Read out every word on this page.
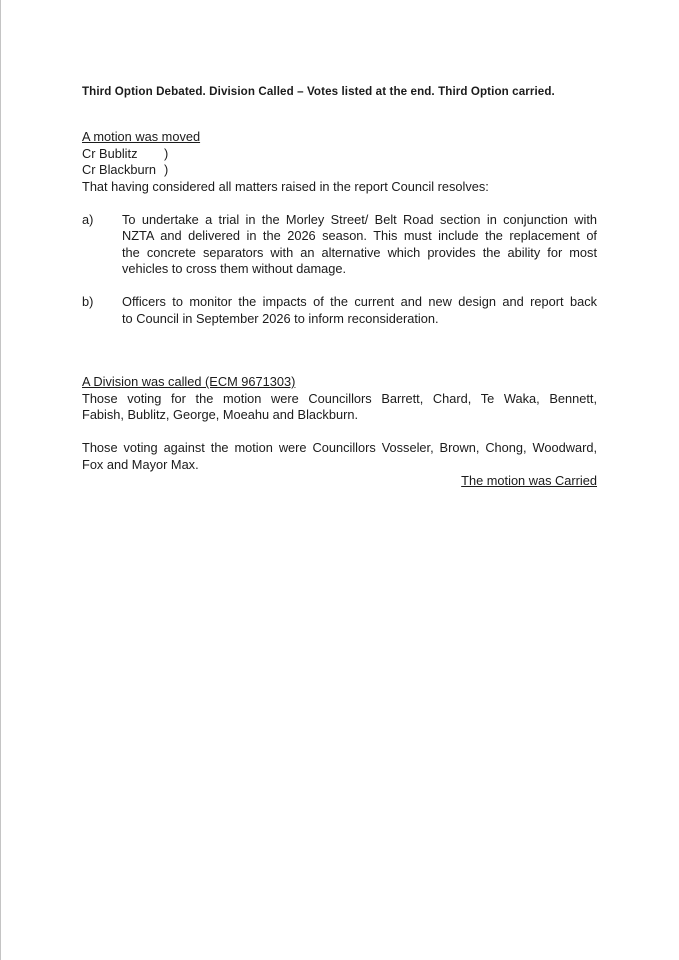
Third Option Debated. Division Called – Votes listed at the end. Third Option carried.

A motion was moved

Cr Bublitz )
Cr Blackburn )

That having considered all matters raised in the report Council resolves:

a)	To undertake a trial in the Morley Street/ Belt Road section in conjunction with
NZTA and delivered in the 2026 season. This must include the replacement of
the concrete separators with an alternative which provides the ability for most
vehicles to cross them without damage.
b)	Officers to monitor the impacts of the current and new design and report back
to Council in September 2026 to inform reconsideration.

A Division was called (ECM 9671303)

Those voting for the motion were Councillors Barrett, Chard, Te Waka, Bennett,
Fabish, Bublitz, George, Moeahu and Blackburn.
Those voting against the motion were Councillors Vosseler, Brown, Chong, Woodward,
Fox and Mayor Max.

The motion was Carried
